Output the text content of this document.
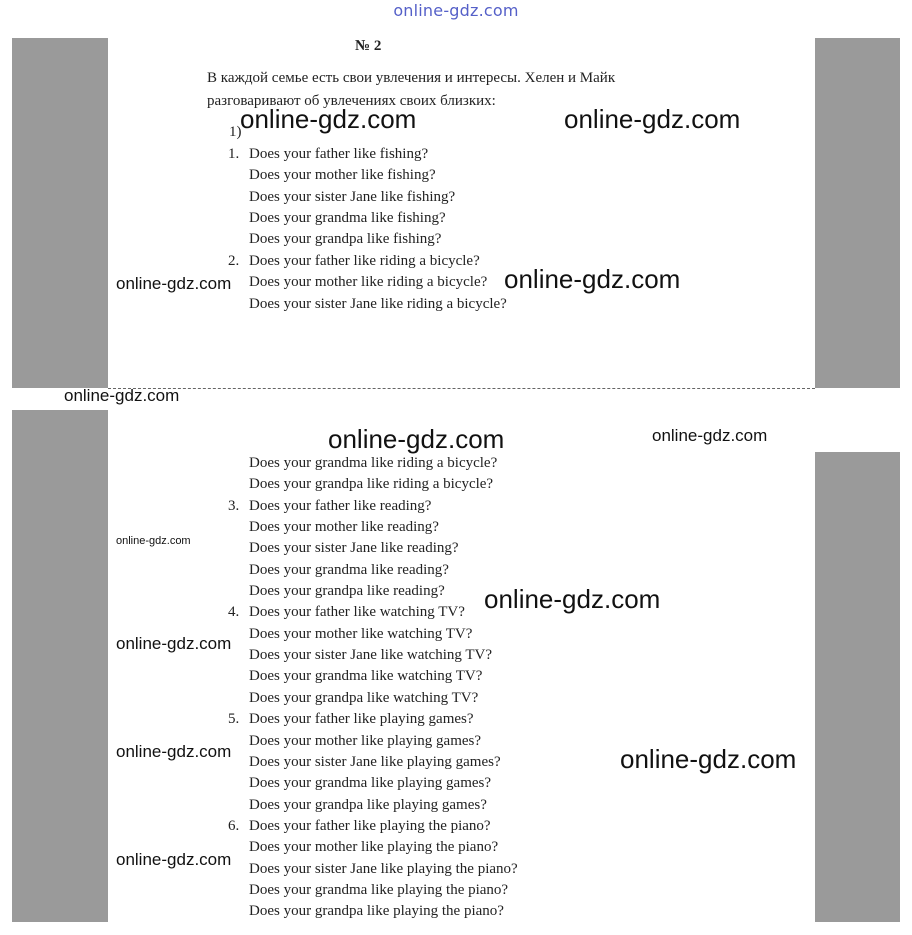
online-gdz.com
№ 2
В каждой семье есть свои увлечения и интересы. Хелен и Майк разговаривают об увлечениях своих близких:
1)
1.
2.
3.
4.
5.
6.
Does your father like fishing?
Does your mother like fishing?
Does your sister Jane like fishing?
Does your grandma like fishing?
Does your grandpa like fishing?
Does your father like riding a bicycle?
Does your mother like riding a bicycle?
Does your sister Jane like riding a bicycle?
Does your grandma like riding a bicycle?
Does your grandpa like riding a bicycle?
Does your father like reading?
Does your mother like reading?
Does your sister Jane like reading?
Does your grandma like reading?
Does your grandpa like reading?
Does your father like watching TV?
Does your mother like watching TV?
Does your sister Jane like watching TV?
Does your grandma like watching TV?
Does your grandpa like watching TV?
Does your father like playing games?
Does your mother like playing games?
Does your sister Jane like playing games?
Does your grandma like playing games?
Does your grandpa like playing games?
Does your father like playing the piano?
Does your mother like playing the piano?
Does your sister Jane like playing the piano?
Does your grandma like playing the piano?
Does your grandpa like playing the piano?
online-gdz.com	online-gdz.com
online-gdz.com	online-gdz.com
online-gdz.com
online-gdz.com	online-gdz.com
online-gdz.com
online-gdz.com
online-gdz.com
online-gdz.com	online-gdz.com
online-gdz.com
